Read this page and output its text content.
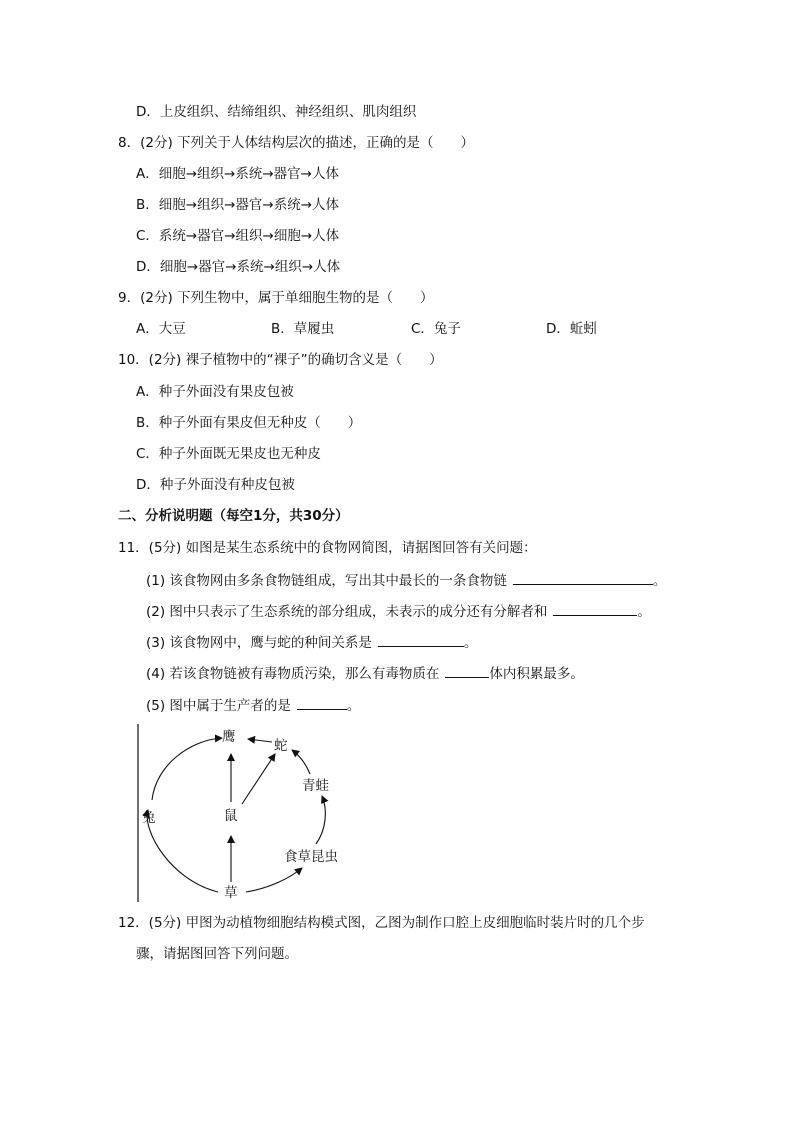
D．上皮组织、结缔组织、神经组织、肌肉组织
8．(2分) 下列关于人体结构层次的描述，正确的是（　　）
A．细胞→组织→系统→器官→人体
B．细胞→组织→器官→系统→人体
C．系统→器官→组织→细胞→人体
D．细胞→器官→系统→组织→人体
9．(2分) 下列生物中，属于单细胞生物的是（　　）
A．大豆	B．草履虫	C．兔子	D．蚯蚓
10．(2分) 裸子植物中的“裸子”的确切含义是（　　）
A．种子外面没有果皮包被
B．种子外面有果皮但无种皮（　　）
C．种子外面既无果皮也无种皮
D．种子外面没有种皮包被
二、分析说明题（每空1分，共30分）
11．(5分) 如图是某生态系统中的食物网简图，请据图回答有关问题：
(1) 该食物网由多条食物链组成，写出其中最长的一条食物链	。
(2) 图中只表示了生态系统的部分组成，未表示的成分还有分解者和	。
(3) 该食物网中，鹰与蛇的种间关系是	。
(4) 若该食物链被有毒物质污染，那么有毒物质在	体内积累最多。
(5) 图中属于生产者的是	。
鹰
蛇
青蛙
兔	鼠
食草昆虫
草
12．(5分) 甲图为动植物细胞结构模式图，乙图为制作口腔上皮细胞临时装片时的几个步
骤，请据图回答下列问题。
